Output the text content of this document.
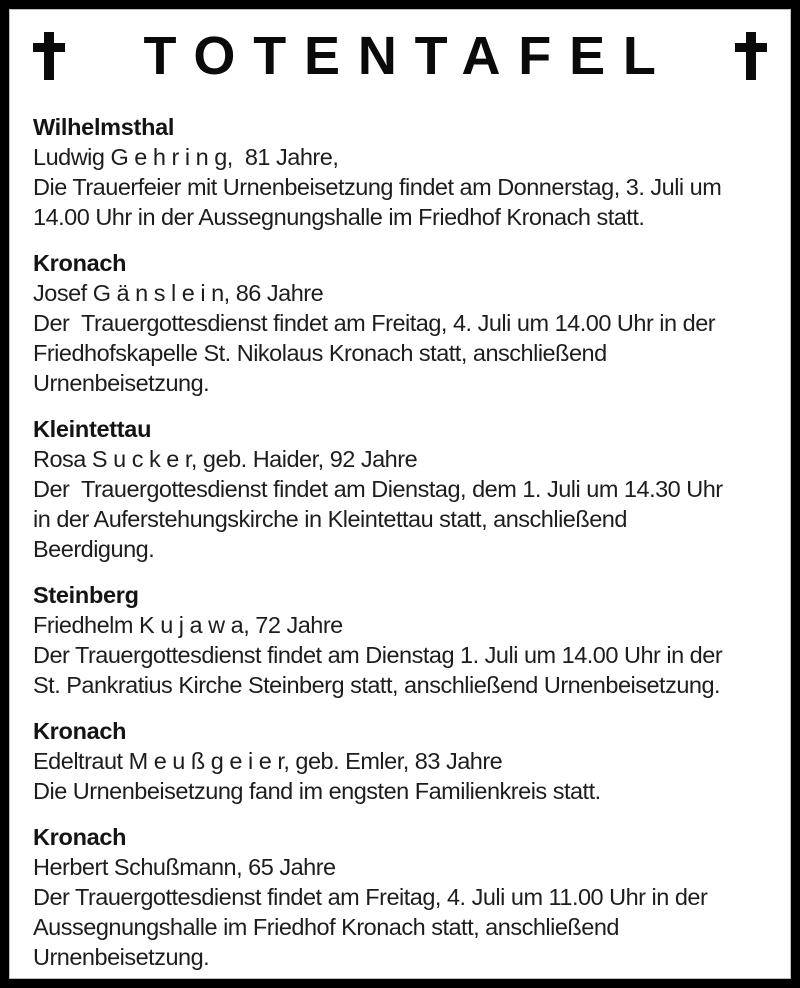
TOTENTAFEL
Wilhelmsthal
Ludwig G e h r i n g,  81 Jahre,
Die Trauerfeier mit Urnenbeisetzung findet am Donnerstag, 3. Juli um
14.00 Uhr in der Aussegnungshalle im Friedhof Kronach statt.
Kronach
Josef G ä n s l e i n, 86 Jahre
Der  Trauergottesdienst findet am Freitag, 4. Juli um 14.00 Uhr in der
Friedhofskapelle St. Nikolaus Kronach statt, anschließend
Urnenbeisetzung.
Kleintettau
Rosa S u c k e r, geb. Haider, 92 Jahre
Der  Trauergottesdienst findet am Dienstag, dem 1. Juli um 14.30 Uhr
in der Auferstehungskirche in Kleintettau statt, anschließend
Beerdigung.
Steinberg
Friedhelm K u j a w a, 72 Jahre
Der Trauergottesdienst findet am Dienstag 1. Juli um 14.00 Uhr in der
St. Pankratius Kirche Steinberg statt, anschließend Urnenbeisetzung.
Kronach
Edeltraut M e u ß g e i e r, geb. Emler, 83 Jahre
Die Urnenbeisetzung fand im engsten Familienkreis statt.
Kronach
Herbert Schußmann, 65 Jahre
Der Trauergottesdienst findet am Freitag, 4. Juli um 11.00 Uhr in der
Aussegnungshalle im Friedhof Kronach statt, anschließend
Urnenbeisetzung.
